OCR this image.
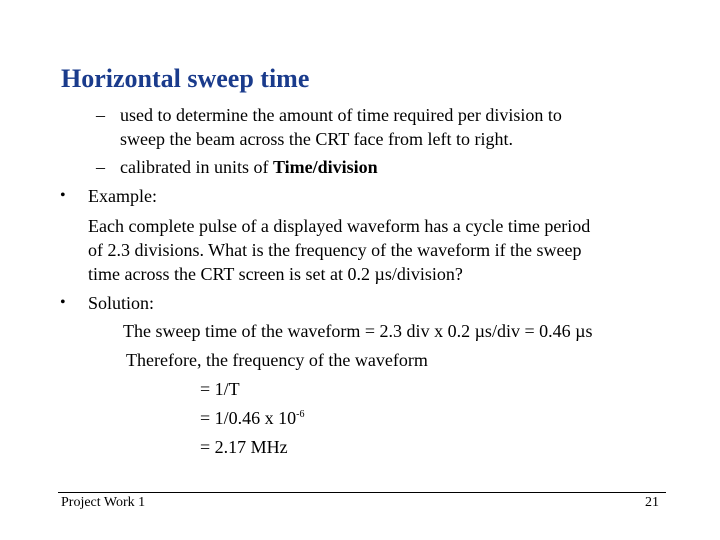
Horizontal sweep time
– used to determine the amount of time required per division to
sweep the beam across the CRT face from left to right.
– calibrated in units of Time/division
• Example:
Each complete pulse of a displayed waveform has a cycle time period
of 2.3 divisions. What is the frequency of the waveform if the sweep
time across the CRT screen is set at 0.2 µs/division?
• Solution:
The sweep time of the waveform = 2.3 div x 0.2 µs/div = 0.46 µs
Therefore, the frequency of the waveform
= 1/T
= 1/0.46 x $10^{-6}$
= 2.17 MHz
Project Work 1	21
